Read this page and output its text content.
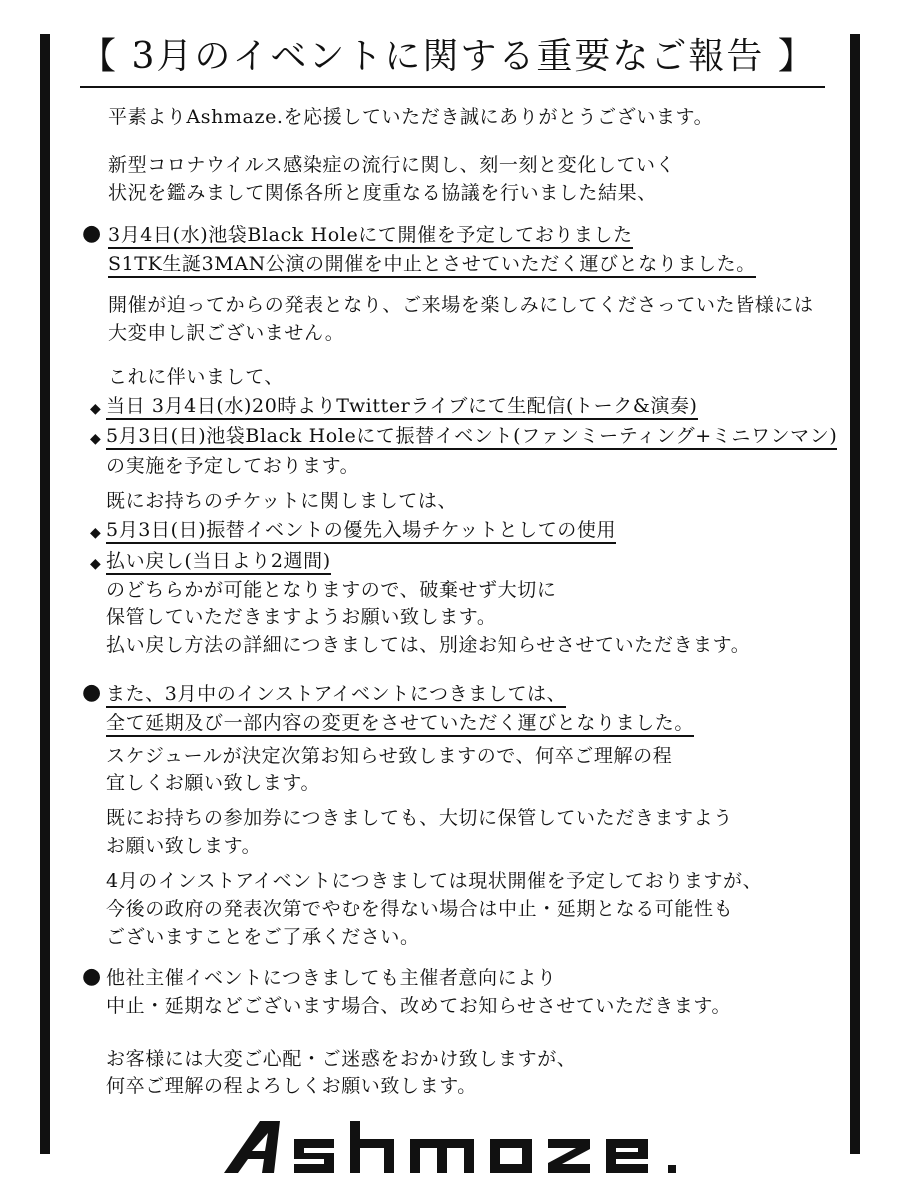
【 3月のイベントに関する重要なご報告 】
平素よりAshmaze.を応援していただき誠にありがとうございます。
新型コロナウイルス感染症の流行に関し、刻一刻と変化していく
状況を鑑みまして関係各所と度重なる協議を行いました結果、
● 3月4日(水)池袋Black Holeにて開催を予定しておりました
S1TK生誕3MAN公演の開催を中止とさせていただく運びとなりました。
開催が迫ってからの発表となり、ご来場を楽しみにしてくださっていた皆様には
大変申し訳ございません。
これに伴いまして、
◆ 当日 3月4日(水)20時よりTwitterライブにて生配信(トーク&演奏)
◆ 5月3日(日)池袋Black Holeにて振替イベント(ファンミーティング+ミニワンマン)
の実施を予定しております。
既にお持ちのチケットに関しましては、
◆ 5月3日(日)振替イベントの優先入場チケットとしての使用
◆ 払い戻し(当日より2週間)
のどちらかが可能となりますので、破棄せず大切に
保管していただきますようお願い致します。
払い戻し方法の詳細につきましては、別途お知らせさせていただきます。
● また、3月中のインストアイベントにつきましては、
全て延期及び一部内容の変更をさせていただく運びとなりました。
スケジュールが決定次第お知らせ致しますので、何卒ご理解の程
宜しくお願い致します。
既にお持ちの参加券につきましても、大切に保管していただきますよう
お願い致します。
4月のインストアイベントにつきましては現状開催を予定しておりますが、
今後の政府の発表次第でやむを得ない場合は中止・延期となる可能性も
ございますことをご了承ください。
● 他社主催イベントにつきましても主催者意向により
中止・延期などございます場合、改めてお知らせさせていただきます。
お客様には大変ご心配・ご迷惑をおかけ致しますが、
何卒ご理解の程よろしくお願い致します。
